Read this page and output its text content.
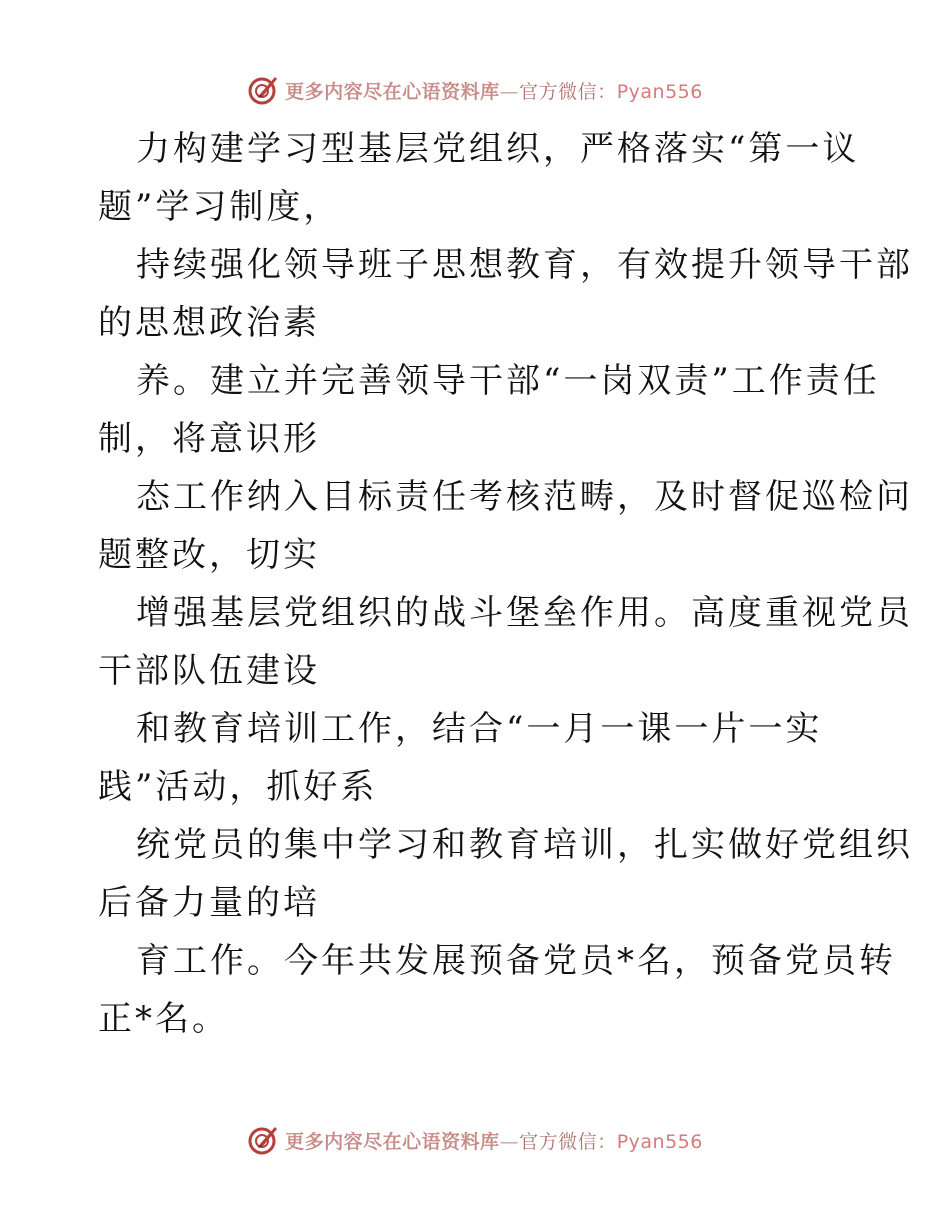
更多内容尽在心语资料库—官方微信：Pyan556
力构建学习型基层党组织，严格落实“第一议
题”学习制度，
持续强化领导班子思想教育，有效提升领导干部
的思想政治素
养。建立并完善领导干部“一岗双责”工作责任
制，将意识形
态工作纳入目标责任考核范畴，及时督促巡检问
题整改，切实
增强基层党组织的战斗堡垒作用。高度重视党员
干部队伍建设
和教育培训工作，结合“一月一课一片一实
践”活动，抓好系
统党员的集中学习和教育培训，扎实做好党组织
后备力量的培
育工作。今年共发展预备党员*名，预备党员转
正*名。
更多内容尽在心语资料库—官方微信：Pyan556
